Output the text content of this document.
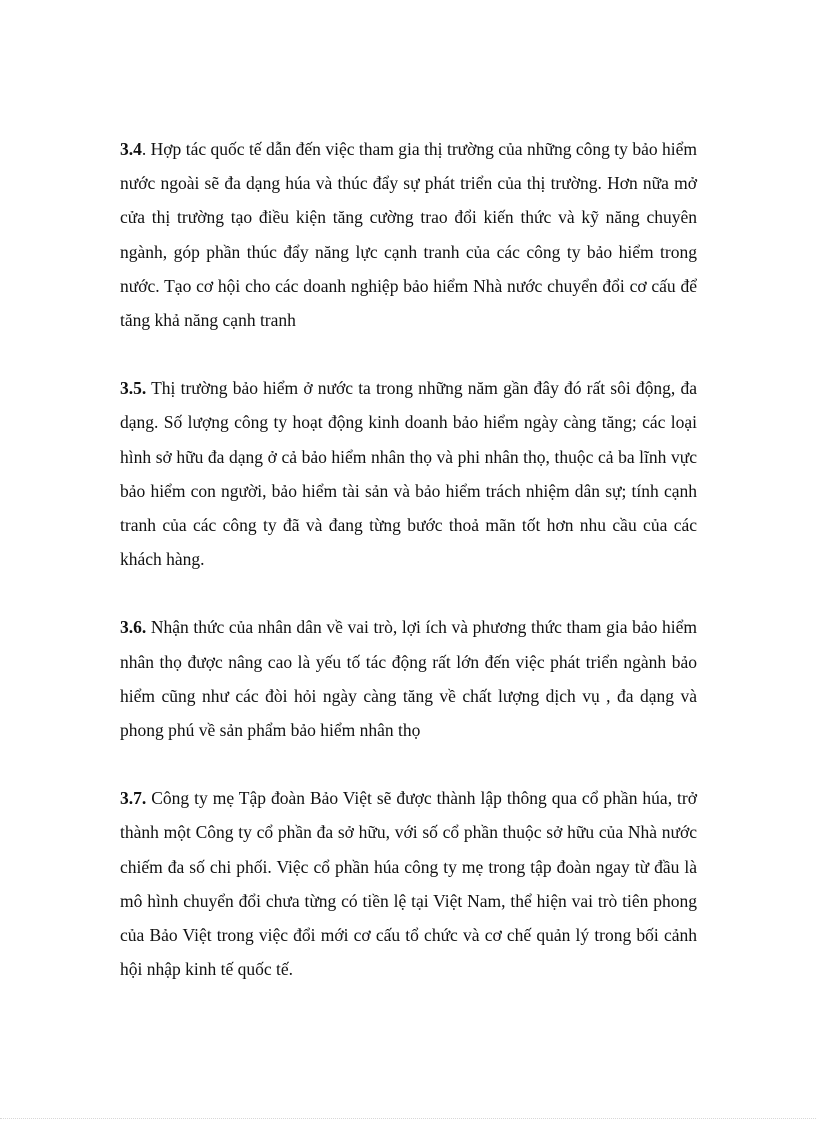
3.4. Hợp tác quốc tế dẫn đến việc tham gia thị trường của những công ty bảo hiểm nước ngoài sẽ đa dạng húa và thúc đẩy sự phát triển của thị trường. Hơn nữa mở cửa thị trường tạo điều kiện tăng cường trao đổi kiến thức và kỹ năng chuyên ngành, góp phần thúc đẩy năng lực cạnh tranh của các công ty bảo hiểm trong nước. Tạo cơ hội cho các doanh nghiệp bảo hiểm Nhà nước chuyển đổi cơ cấu để tăng khả năng cạnh tranh

3.5. Thị trường bảo hiểm ở nước ta trong những năm gần đây đó rất sôi động, đa dạng. Số lượng công ty hoạt động kinh doanh bảo hiểm ngày càng tăng; các loại hình sở hữu đa dạng ở cả bảo hiểm nhân thọ và phi nhân thọ, thuộc cả ba lĩnh vực bảo hiểm con người, bảo hiểm tài sản và bảo hiểm trách nhiệm dân sự; tính cạnh tranh của các công ty đã và đang từng bước thoả mãn tốt hơn nhu cầu của các khách hàng.

3.6. Nhận thức của nhân dân về vai trò, lợi ích và phương thức tham gia bảo hiểm nhân thọ được nâng cao là yếu tố tác động rất lớn đến việc phát triển ngành bảo hiểm cũng như các đòi hỏi ngày càng tăng về chất lượng dịch vụ , đa dạng và phong phú về sản phẩm bảo hiểm nhân thọ

3.7. Công ty mẹ Tập đoàn Bảo Việt sẽ được thành lập thông qua cổ phần húa, trở thành một Công ty cổ phần đa sở hữu, với số cổ phần thuộc sở hữu của Nhà nước chiếm đa số chi phối. Việc cổ phần húa công ty mẹ trong tập đoàn ngay từ đầu là mô hình chuyển đổi chưa từng có tiền lệ tại Việt Nam, thể hiện vai trò tiên phong của Bảo Việt trong việc đổi mới cơ cấu tổ chức và cơ chế quản lý trong bối cảnh hội nhập kinh tế quốc tế.
